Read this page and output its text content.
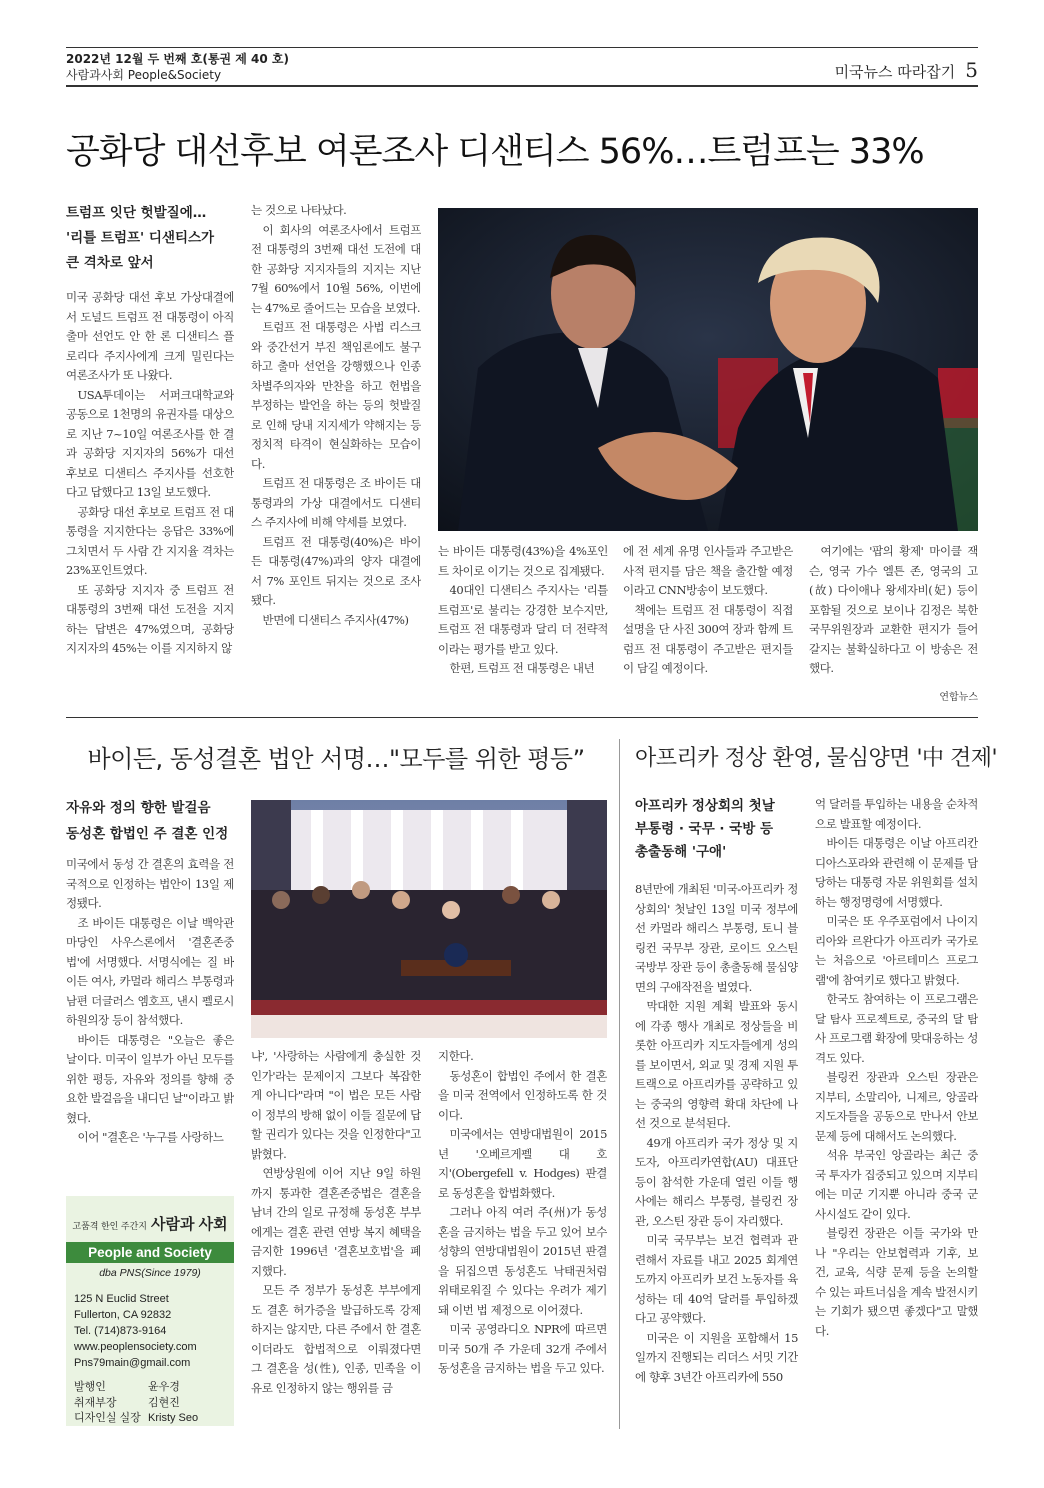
2022년 12월 두 번째 호(통권 제 40 호)
사람과사회 People&Society	미국뉴스 따라잡기 5
공화당 대선후보 여론조사 디샌티스 56%…트럼프는 33%
트럼프 잇단 헛발질에…
'리틀 트럼프' 디샌티스가
큰 격차로 앞서

미국 공화당 대선 후보 가상대결에서 도널드 트럼프 전 대통령이 아직 출마 선언도 안 한 론 디샌티스 플로리다 주지사에게 크게 밀린다는 여론조사가 또 나왔다.

USA투데이는 서퍼크대학교와 공동으로 1천명의 유권자를 대상으로 지난 7~10일 여론조사를 한 결과 공화당 지지자의 56%가 대선 후보로 디샌티스 주지사를 선호한다고 답했다고 13일 보도했다.

공화당 대선 후보로 트럼프 전 대통령을 지지한다는 응답은 33%에 그치면서 두 사람 간 지지율 격차는 23%포인트였다.

또 공화당 지지자 중 트럼프 전 대통령의 3번째 대선 도전을 지지하는 답변은 47%였으며, 공화당 지지자의 45%는 이를 지지하지 않

는 것으로 나타났다.

이 회사의 여론조사에서 트럼프 전 대통령의 3번째 대선 도전에 대한 공화당 지지자들의 지지는 지난 7월 60%에서 10월 56%, 이번에는 47%로 줄어드는 모습을 보였다.

트럼프 전 대통령은 사법 리스크와 중간선거 부진 책임론에도 불구하고 출마 선언을 강행했으나 인종 차별주의자와 만찬을 하고 헌법을 부정하는 발언을 하는 등의 헛발질로 인해 당내 지지세가 약해지는 등 정치적 타격이 현실화하는 모습이다.

트럼프 전 대통령은 조 바이든 대통령과의 가상 대결에서도 디샌티스 주지사에 비해 약세를 보였다.

트럼프 전 대통령(40%)은 바이든 대통령(47%)과의 양자 대결에서 7% 포인트 뒤지는 것으로 조사됐다.

반면에 디샌티스 주지사(47%)

는 바이든 대통령(43%)을 4%포인트 차이로 이기는 것으로 집계됐다.

40대인 디샌티스 주지사는 '리틀 트럼프'로 불리는 강경한 보수지만, 트럼프 전 대통령과 달리 더 전략적이라는 평가를 받고 있다.

한편, 트럼프 전 대통령은 내년

에 전 세계 유명 인사들과 주고받은 사적 편지를 담은 책을 출간할 예정이라고 CNN방송이 보도했다.

책에는 트럼프 전 대통령이 직접 설명을 단 사진 300여 장과 함께 트럼프 전 대통령이 주고받은 편지들이 담길 예정이다.

여기에는 '팝의 황제' 마이클 잭슨, 영국 가수 엘튼 존, 영국의 고(故) 다이애나 왕세자비(妃) 등이 포함될 것으로 보이나 김정은 북한 국무위원장과 교환한 편지가 들어갈지는 불확실하다고 이 방송은 전했다.

연합뉴스
바이든, 동성결혼 법안 서명…"모두를 위한 평등”	아프리카 정상 환영, 물심양면 '中 견제'
자유와 정의 향한 발걸음
동성혼 합법인 주 결혼 인정

미국에서 동성 간 결혼의 효력을 전국적으로 인정하는 법안이 13일 제정됐다.

조 바이든 대통령은 이날 백악관 마당인 사우스론에서 '결혼존중법'에 서명했다. 서명식에는 질 바이든 여사, 카멀라 해리스 부통령과 남편 더글러스 엠호프, 낸시 펠로시 하원의장 등이 참석했다.

바이든 대통령은 "오늘은 좋은 날이다. 미국이 일부가 아닌 모두를 위한 평등, 자유와 정의를 향해 중요한 발걸음을 내디딘 날"이라고 밝혔다.

이어 "결혼은 '누구를 사랑하느

냐', '사랑하는 사람에게 충실한 것인가'라는 문제이지 그보다 복잡한 게 아니다"라며 "이 법은 모든 사람이 정부의 방해 없이 이들 질문에 답할 권리가 있다는 것을 인정한다"고 밝혔다.

연방상원에 이어 지난 9일 하원까지 통과한 결혼존중법은 결혼을 남녀 간의 일로 규정해 동성혼 부부에게는 결혼 관련 연방 복지 혜택을 금지한 1996년 '결혼보호법'을 폐지했다.

모든 주 정부가 동성혼 부부에게도 결혼 허가증을 발급하도록 강제하지는 않지만, 다른 주에서 한 결혼이더라도 합법적으로 이뤄졌다면 그 결혼을 성(性), 인종, 민족을 이유로 인정하지 않는 행위를 금

지한다.

동성혼이 합법인 주에서 한 결혼을 미국 전역에서 인정하도록 한 것이다.

미국에서는 연방대법원이 2015년 '오베르게펠 대 호지'(Obergefell v. Hodges) 판결로 동성혼을 합법화했다.

그러나 아직 여러 주(州)가 동성혼을 금지하는 법을 두고 있어 보수 성향의 연방대법원이 2015년 판결을 뒤집으면 동성혼도 낙태권처럼 위태로워질 수 있다는 우려가 제기돼 이번 법 제정으로 이어졌다.

미국 공영라디오 NPR에 따르면 미국 50개 주 가운데 32개 주에서 동성혼을 금지하는 법을 두고 있다.

고품격 한인 주간지 사람과 사회
People and Society
dba PNS(Since 1979)
125 N Euclid Street
Fullerton, CA 92832
Tel. (714)873-9164
www.peoplensociety.com
Pns79main@gmail.com
발행인	윤우경
취재부장	김현진
디자인실 실장 Kristy Seo
아프리카 정상회의 첫날
부통령 · 국무 · 국방 등
총출동해 '구애'

8년만에 개최된 '미국-아프리카 정상회의' 첫날인 13일 미국 정부에선 카멀라 해리스 부통령, 토니 블링컨 국무부 장관, 로이드 오스틴 국방부 장관 등이 총출동해 물심양면의 구애작전을 벌였다.

막대한 지원 계획 발표와 동시에 각종 행사 개최로 정상들을 비롯한 아프리카 지도자들에게 성의를 보이면서, 외교 및 경제 지원 투트랙으로 아프리카를 공략하고 있는 중국의 영향력 확대 차단에 나선 것으로 분석된다.

49개 아프리카 국가 정상 및 지도자, 아프리카연합(AU) 대표단 등이 참석한 가운데 열린 이들 행사에는 해리스 부통령, 블링컨 장관, 오스틴 장관 등이 자리했다.

미국 국무부는 보건 협력과 관련해서 자료를 내고 2025 회계연도까지 아프리카 보건 노동자를 육성하는 데 40억 달러를 투입하겠다고 공약했다.

미국은 이 지원을 포함해서 15일까지 진행되는 리더스 서밋 기간에 향후 3년간 아프리카에 550

억 달러를 투입하는 내용을 순차적으로 발표할 예정이다.

바이든 대통령은 이날 아프리칸 디아스포라와 관련해 이 문제를 담당하는 대통령 자문 위원회를 설치하는 행정명령에 서명했다.

미국은 또 우주포럼에서 나이지리아와 르완다가 아프리카 국가로는 처음으로 '아르테미스 프로그램'에 참여키로 했다고 밝혔다.

한국도 참여하는 이 프로그램은 달 탐사 프로젝트로, 중국의 달 탐사 프로그램 확장에 맞대응하는 성격도 있다.

블링컨 장관과 오스틴 장관은 지부티, 소말리아, 니제르, 앙골라 지도자들을 공동으로 만나서 안보 문제 등에 대해서도 논의했다.

석유 부국인 앙골라는 최근 중국 투자가 집중되고 있으며 지부티에는 미군 기지뿐 아니라 중국 군사시설도 같이 있다.

블링컨 장관은 이들 국가와 만나 "우리는 안보협력과 기후, 보건, 교육, 식량 문제 등을 논의할 수 있는 파트너십을 계속 발전시키는 기회가 됐으면 좋겠다"고 말했다.
